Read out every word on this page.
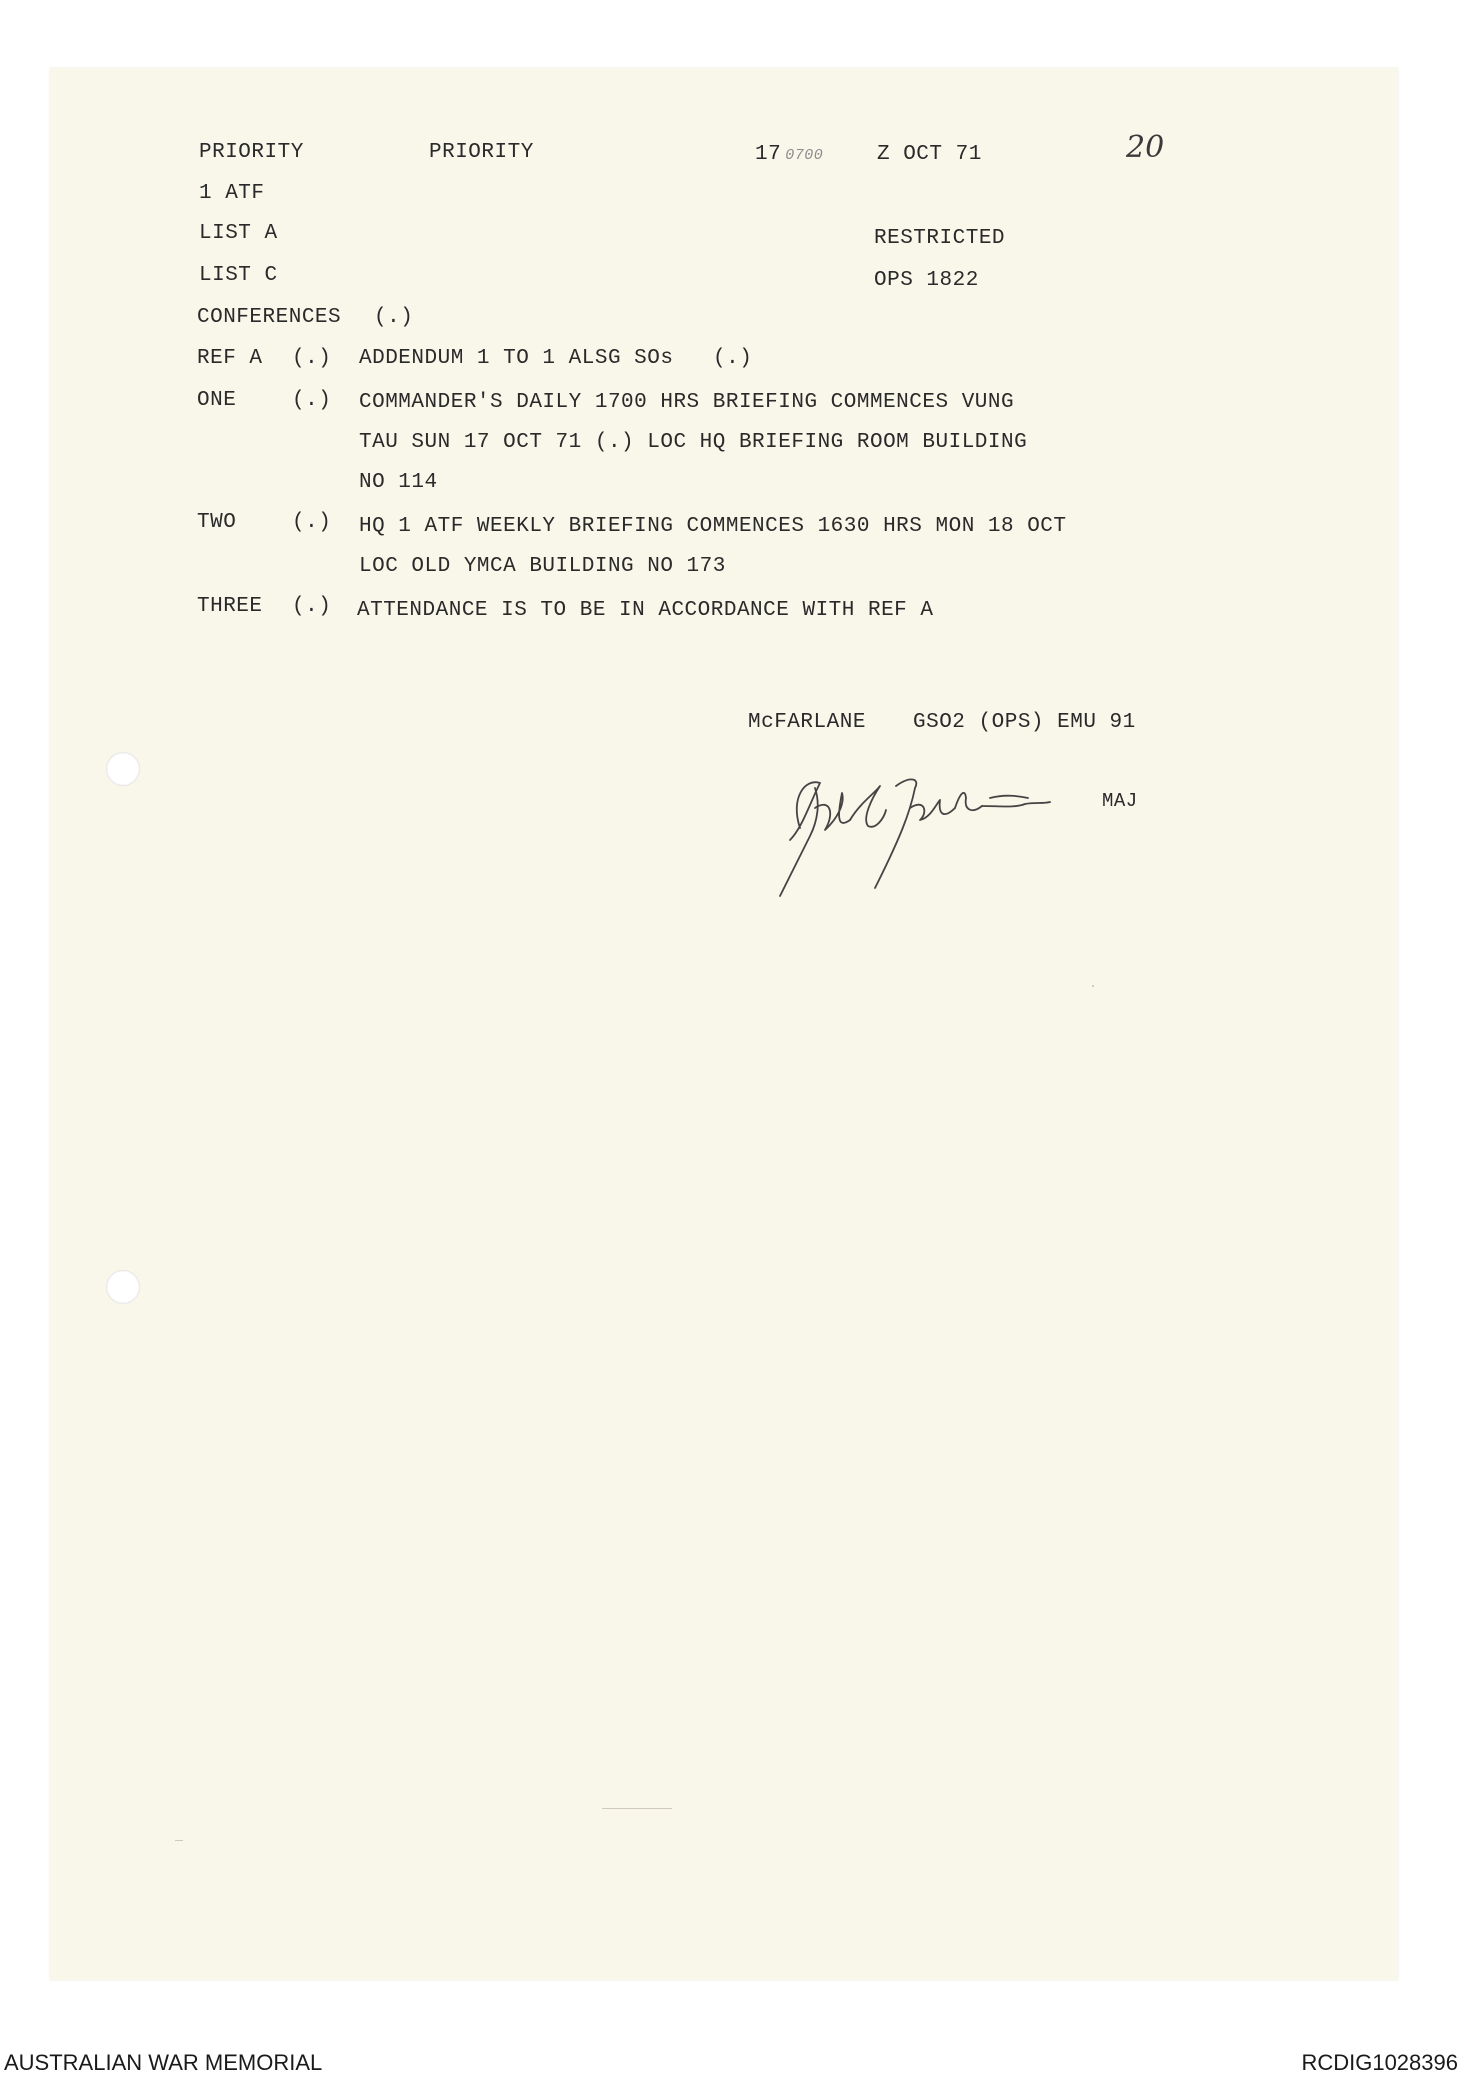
PRIORITY	PRIORITY	17 0700	Z OCT 71	20
1 ATF
LIST A
LIST C
RESTRICTED
OPS 1822
CONFERENCES (.)
REF A (.) ADDENDUM 1 TO 1 ALSG SOs (.)
ONE	(.) COMMANDER'S DAILY 1700 HRS BRIEFING COMMENCES VUNG
TAU SUN 17 OCT 71 (.) LOC HQ BRIEFING ROOM BUILDING
NO 114
TWO	(.) HQ 1 ATF WEEKLY BRIEFING COMMENCES 1630 HRS MON 18 OCT
LOC OLD YMCA BUILDING NO 173
THREE (.) ATTENDANCE IS TO BE IN ACCORDANCE WITH REF A
McFARLANE GSO2 (OPS) EMU 91
MAJ
AUSTRALIAN WAR MEMORIAL	RCDIG1028396
